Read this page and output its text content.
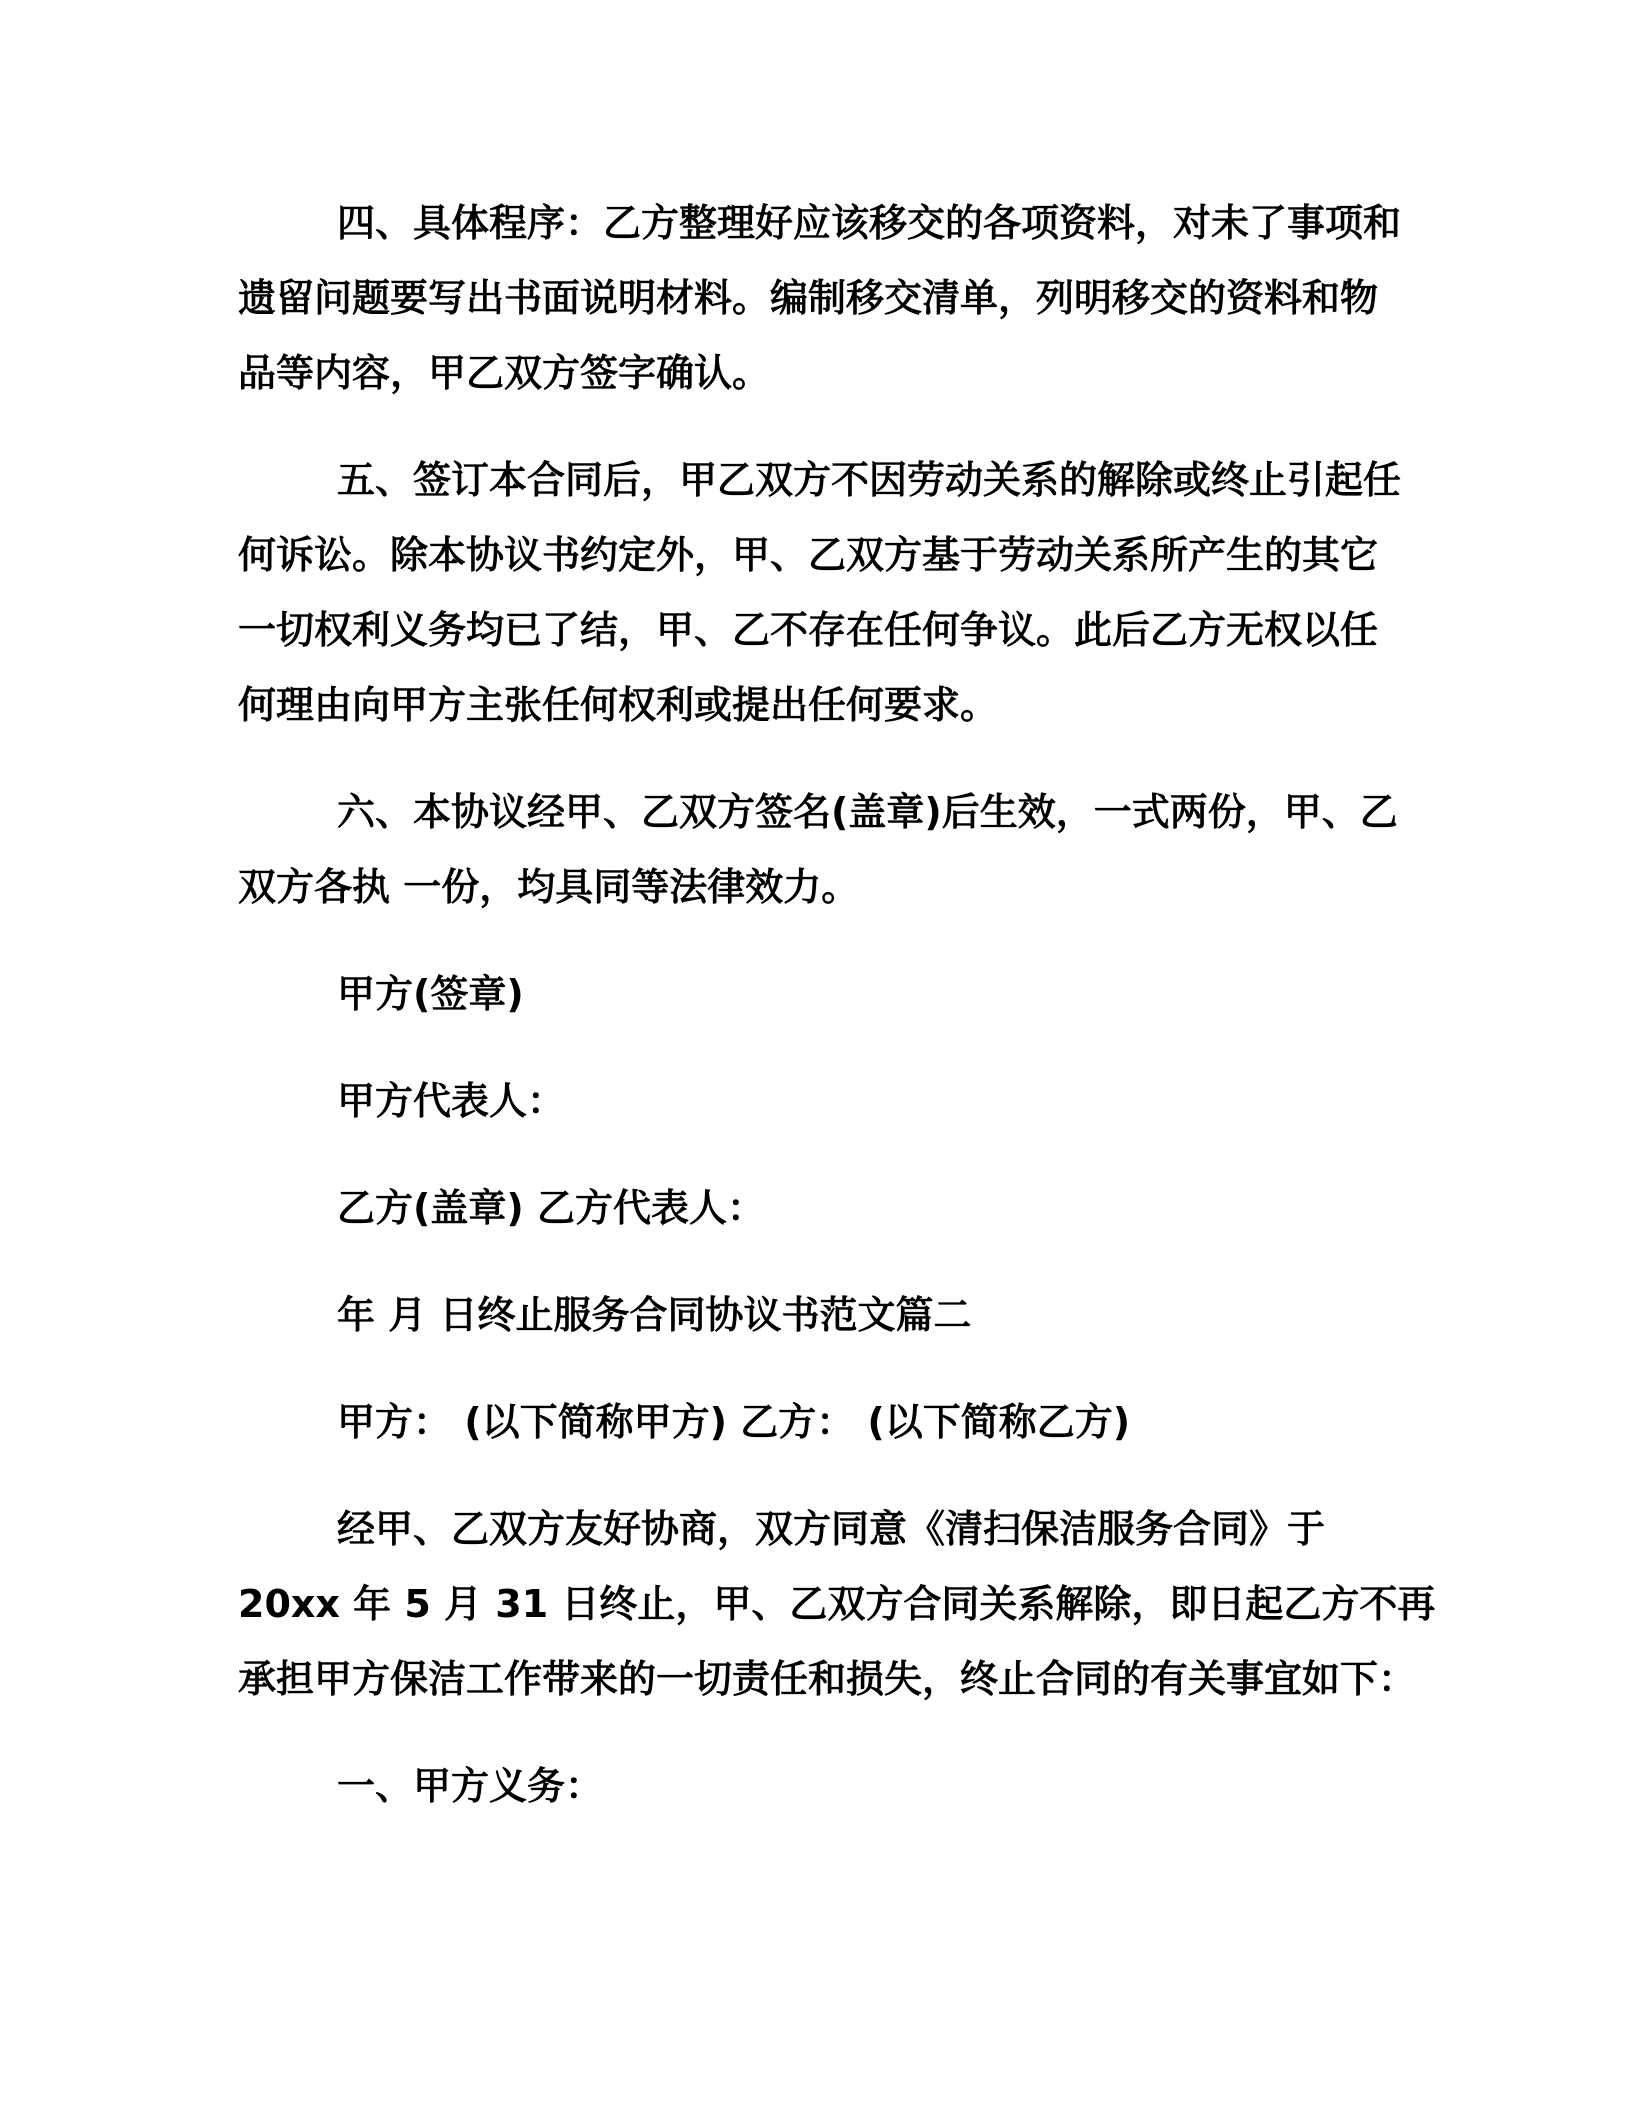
四、具体程序：乙方整理好应该移交的各项资料，对未了事项和
遗留问题要写出书面说明材料。编制移交清单，列明移交的资料和物
品等内容，甲乙双方签字确认。

五、签订本合同后，甲乙双方不因劳动关系的解除或终止引起任
何诉讼。除本协议书约定外，甲、乙双方基于劳动关系所产生的其它
一切权利义务均已了结，甲、乙不存在任何争议。此后乙方无权以任
何理由向甲方主张任何权利或提出任何要求。

六、本协议经甲、乙双方签名(盖章)后生效，一式两份，甲、乙
双方各执 一份，均具同等法律效力。

甲方(签章)

甲方代表人：

乙方(盖章) 乙方代表人：

年 月 日终止服务合同协议书范文篇二

甲方： (以下简称甲方) 乙方： (以下简称乙方)

经甲、乙双方友好协商，双方同意《清扫保洁服务合同》于
20xx 年 5 月 31 日终止，甲、乙双方合同关系解除，即日起乙方不再
承担甲方保洁工作带来的一切责任和损失，终止合同的有关事宜如下：

一、甲方义务：
